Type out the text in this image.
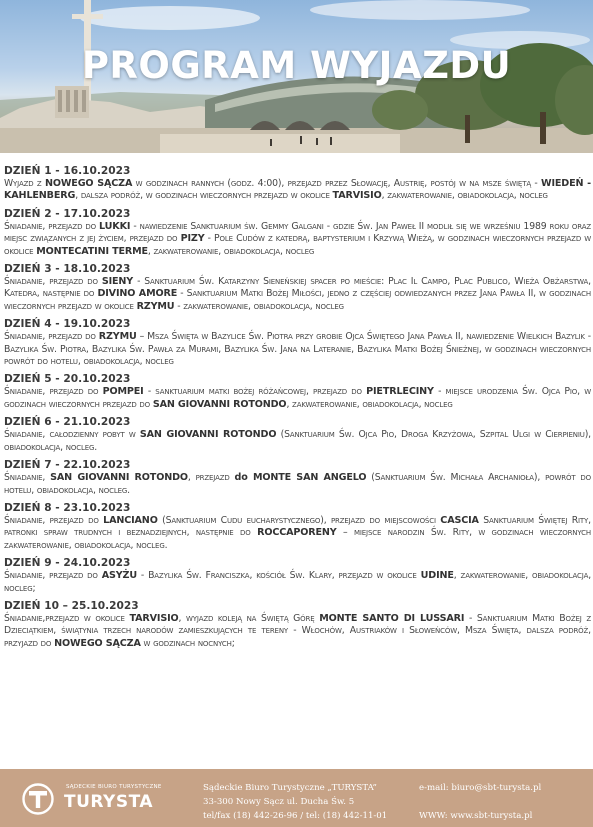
PROGRAM WYJAZDU
DZIEŃ 1 - 16.10.2023
Wyjazd z NOWEGO SĄCZA w godzinach rannych (godz. 4:00), przejazd przez Słowację, Austrię, postój w na msze świętą - WIEDEŃ - KAHLENBERG, dalsza podróż, w godzinach wieczornych przejazd w okolice TARVISIO, zakwaterowanie, obiadokolacja, nocleg
DZIEŃ 2 - 17.10.2023
Śniadanie, przejazd do LUKKI - nawiedzenie Sanktuarium św. Gemmy Galgani - gdzie Św. Jan Paweł II modlił się we wrześniu 1989 roku oraz miejsc związanych z jej życiem, przejazd do PIZY - Pole Cudów z katedrą, baptysterium i Krzywą Wieżą, w godzinach wieczornych przejazd w okolice MONTECATINI TERME, zakwaterowanie, obiadokolacja, nocleg
DZIEŃ 3 - 18.10.2023
Śniadanie, przejazd do SIENY - Sanktuarium Św. Katarzyny Sieneńskiej spacer po mieście: Plac Il Campo, Plac Publico, Wieża Obżarstwa, Katedra, następnie do DIVINO AMORE - Sanktuarium Matki Bożej Miłości, jedno z częściej odwiedzanych przez Jana Pawła II, w godzinach wieczornych przejazd w okolice RZYMU - zakwaterowanie, obiadokolacja, nocleg
DZIEŃ 4 - 19.10.2023
Śniadanie, przejazd do RZYMU – Msza Święta w Bazylice Św. Piotra przy grobie Ojca Świętego Jana Pawła II, nawiedzenie Wielkich Bazylik - Bazylika Św. Piotra, Bazylika Św. Pawła za Murami, Bazylika Św. Jana na Lateranie, Bazylika Matki Bożej Śnieżnej, w godzinach wieczornych powrót do hotelu, obiadokolacja, nocleg
DZIEŃ 5 - 20.10.2023
Śniadanie, przejazd do POMPEI - sanktuarium matki bożej różańcowej, przejazd do PIETRLECINY - miejsce urodzenia Św. Ojca Pio, w godzinach wieczornych przejazd do SAN GIOVANNI ROTONDO, zakwaterowanie, obiadokolacja, nocleg
DZIEŃ 6 - 21.10.2023
Śniadanie, całodzienny pobyt w SAN GIOVANNI ROTONDO (Sanktuarium Św. Ojca Pio, Droga Krzyżowa, Szpital Ulgi w Cierpieniu), obiadokolacja, nocleg.
DZIEŃ 7 - 22.10.2023
Śniadanie, SAN GIOVANNI ROTONDO, przejazd do MONTE SAN ANGELO (Sanktuarium Św. Michała Archanioła), powrót do hotelu, obiadokolacja, nocleg.
DZIEŃ 8 - 23.10.2023
Śniadanie, przejazd do LANCIANO (Sanktuarium Cudu eucharystycznego), przejazd do miejscowości CASCIA Sanktuarium Świętej Rity, patronki spraw trudnych i beznadziejnych, następnie do ROCCAPORENY – miejsce narodzin Św. Rity, w godzinach wieczornych zakwaterowanie, obiadokolacja, nocleg.
DZIEŃ 9 - 24.10.2023
Śniadanie, przejazd do ASYŻU - Bazylika Św. Franciszka, kościół Św. Klary, przejazd w okolice UDINE, zakwaterowanie, obiadokolacja, nocleg;
DZIEŃ 10 – 25.10.2023
Śniadanie,przejazd w okolice TARVISIO, wyjazd koleją na Świętą Górę MONTE SANTO DI LUSSARI - Sanktuarium Matki Bożej z Dzieciątkiem, świątynia trzech narodów zamieszkujących te tereny - Włochów, Austriaków i Słoweńców, Msza Święta, dalsza podróż, przyjazd do NOWEGO SĄCZA w godzinach nocnych;
SĄDECKIE BIURO TURYSTYCZNE
TURYSTA
Sądeckie Biuro Turystyczne „TURYSTA”
33-300 Nowy Sącz ul. Ducha Św. 5
tel/fax (18) 442-26-96 / tel: (18) 442-11-01
e-mail: biuro@sbt-turysta.pl
WWW: www.sbt-turysta.pl
